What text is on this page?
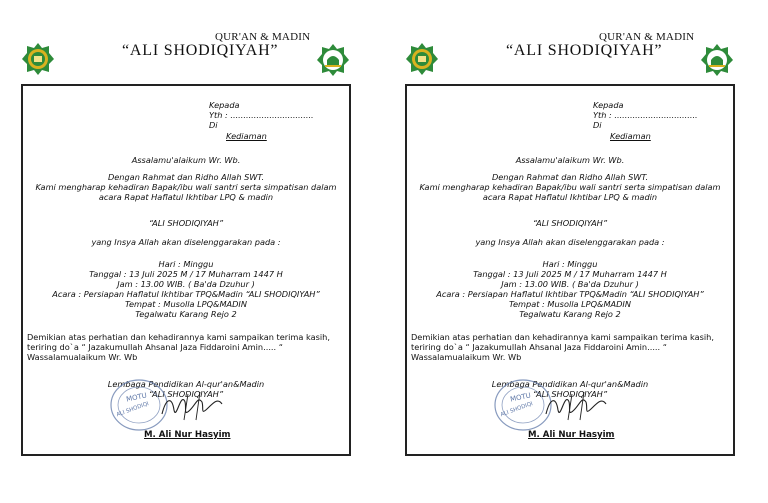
QUR'AN & MADIN
“ALI SHODIQIYAH”
Kepada
Yth : ................................
Di
Kediaman
Assalamu'alaikum Wr. Wb.
Dengan Rahmat dan Ridho Allah SWT.
Kami mengharap kehadiran Bapak/ibu wali santri serta simpatisan dalam
acara Rapat Haflatul Ikhtibar LPQ & madin
“ALI SHODIQIYAH”
yang Insya Allah akan diselenggarakan pada :
Hari : Minggu
Tanggal : 13 Juli 2025 M / 17 Muharram 1447 H
Jam : 13.00 WIB. ( Ba'da Dzuhur )
Acara : Persiapan Haflatul Ikhtibar TPQ&Madin “ALI SHODIQIYAH”
Tempat : Musolla LPQ&MADIN
Tegalwatu Karang Rejo 2
Demikian atas perhatian dan kehadirannya kami sampaikan terima kasih,
teriring do`a “ Jazakumullah Ahsanal Jaza Fiddaroini Amin..... “
Wassalamualaikum Wr. Wb
Lembaga Pendidikan Al-qur'an&Madin
“ALI SHODIQIYAH”
MOTU
ALI SHODIQI
M. Ali Nur Hasyim
QUR'AN & MADIN
“ALI SHODIQIYAH”
Kepada
Yth : ................................
Di
Kediaman
Assalamu'alaikum Wr. Wb.
Dengan Rahmat dan Ridho Allah SWT.
Kami mengharap kehadiran Bapak/ibu wali santri serta simpatisan dalam
acara Rapat Haflatul Ikhtibar LPQ & madin
“ALI SHODIQIYAH”
yang Insya Allah akan diselenggarakan pada :
Hari : Minggu
Tanggal : 13 Juli 2025 M / 17 Muharram 1447 H
Jam : 13.00 WIB. ( Ba'da Dzuhur )
Acara : Persiapan Haflatul Ikhtibar TPQ&Madin “ALI SHODIQIYAH”
Tempat : Musolla LPQ&MADIN
Tegalwatu Karang Rejo 2
Demikian atas perhatian dan kehadirannya kami sampaikan terima kasih,
teriring do`a “ Jazakumullah Ahsanal Jaza Fiddaroini Amin..... “
Wassalamualaikum Wr. Wb
Lembaga Pendidikan Al-qur'an&Madin
“ALI SHODIQIYAH”
MOTU
ALI SHODIQI
M. Ali Nur Hasyim
